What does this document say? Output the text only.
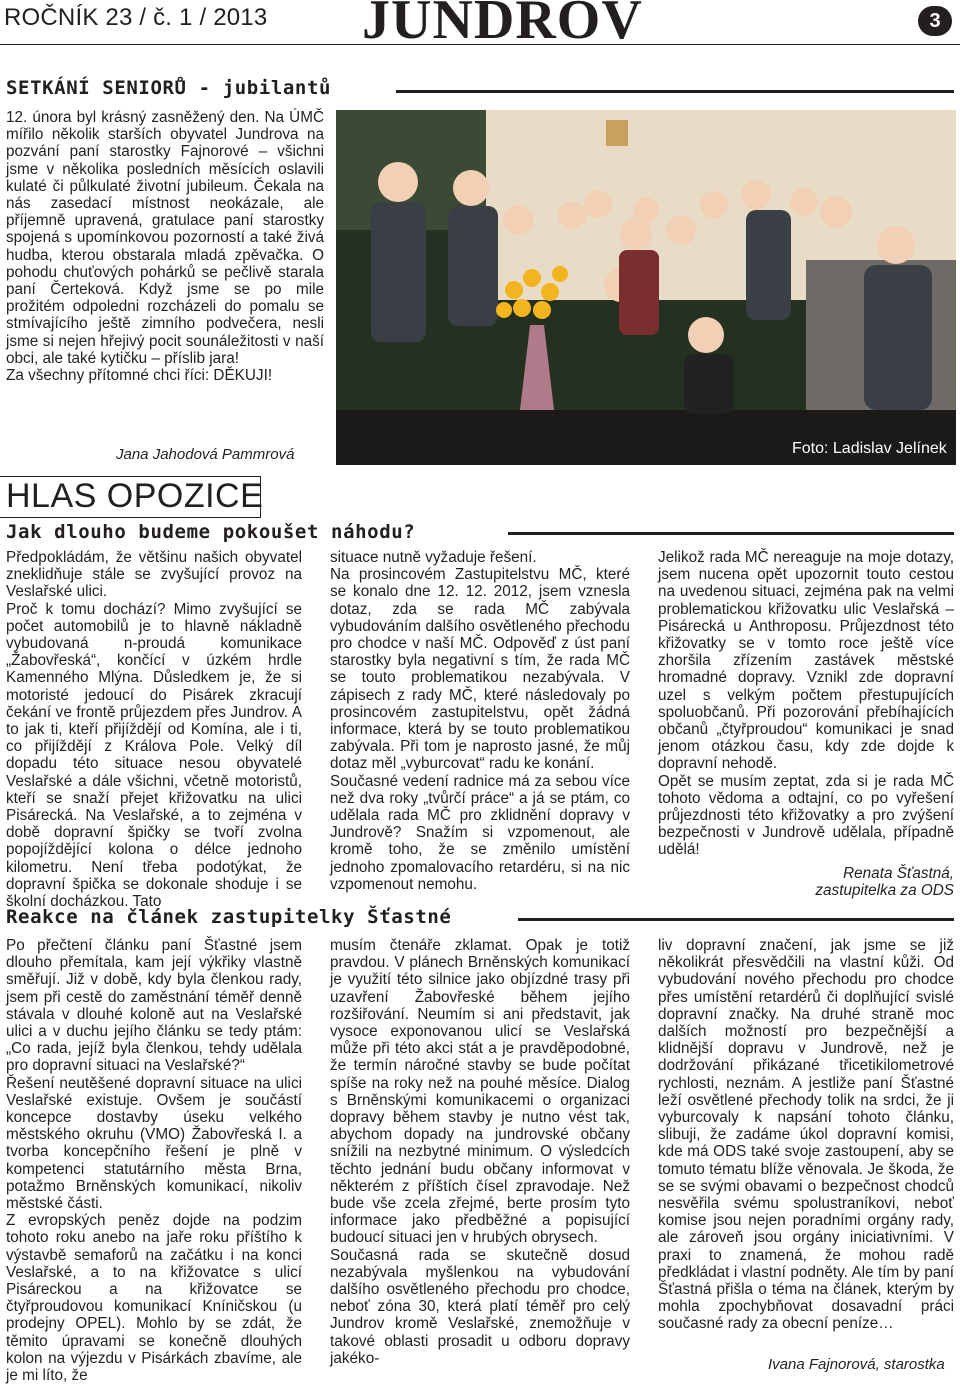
ROČNÍK 23 / č. 1 / 2013 JUNDROV	3
SETKÁNÍ SENIORŮ - jubilantů

12. února byl krásný zasněžený den. Na ÚMČ mířilo několik starších obyvatel Jundrova na pozvání paní starostky Fajnorové – všichni jsme v několika posledních měsících oslavili kulaté či půlkulaté životní jubileum. Čekala na nás zasedací místnost neokázale, ale příjemně upravená, gratulace paní starostky spojená s upomínkovou pozorností a také živá hudba, kterou obstarala mladá zpěvačka. O pohodu chuťových pohárků se pečlivě starala paní Čerteková. Když jsme se po mile prožitém odpoledni rozcházeli do pomalu se stmívajícího ještě zimního podvečera, nesli jsme si nejen hřejivý pocit sounáležitosti v naší obci, ale také kytičku – příslib jara!

Za všechny přítomné chci říci: DĚKUJI!

Jana Jahodová Pammrová	Foto: Ladislav Jelínek
HLAS OPOZICE
Jak dlouho budeme pokoušet náhodu?

Předpokládám, že většinu našich obyvatel zneklidňuje stále se zvyšující provoz na Veslařské ulici.

Proč k tomu dochází? Mimo zvyšující se počet automobilů je to hlavně nákladně vybudovaná n-proudá komunikace „Žabovřeská“, končící v úzkém hrdle Kamenného Mlýna. Důsledkem je, že si motoristé jedoucí do Pisárek zkracují čekání ve frontě průjezdem přes Jundrov. A to jak ti, kteří přijíždějí od Komína, ale i ti, co přijíždějí z Králova Pole. Velký díl dopadu této situace nesou obyvatelé Veslařské a dále všichni, včetně motoristů, kteří se snaží přejet křižovatku na ulici Pisárecká. Na Veslařské, a to zejména v době dopravní špičky se tvoří zvolna popojíždějící kolona o délce jednoho kilometru. Není třeba podotýkat, že dopravní špička se dokonale shoduje i se školní docházkou. Tato

situace nutně vyžaduje řešení.

Na prosincovém Zastupitelstvu MČ, které se konalo dne 12. 12. 2012, jsem vznesla dotaz, zda se rada MČ zabývala vybudováním dalšího osvětleného přechodu pro chodce v naší MČ. Odpověď z úst paní starostky byla negativní s tím, že rada MČ se touto problematikou nezabývala. V zápisech z rady MČ, které následovaly po prosincovém zastupitelstvu, opět žádná informace, která by se touto problematikou zabývala. Při tom je naprosto jasné, že můj dotaz měl „vyburcovat“ radu ke konání.

Současné vedení radnice má za sebou více než dva roky „tvůrčí práce“ a já se ptám, co udělala rada MČ pro zklidnění dopravy v Jundrově? Snažím si vzpomenout, ale kromě toho, že se změnilo umístění jednoho zpomalovacího retardéru, si na nic vzpomenout nemohu.

Jelikož rada MČ nereaguje na moje dotazy, jsem nucena opět upozornit touto cestou na uvedenou situaci, zejména pak na velmi problematickou křižovatku ulic Veslařská – Pisárecká u Anthroposu. Průjezdnost této křižovatky se v tomto roce ještě více zhoršila zřízením zastávek městské hromadné dopravy. Vznikl zde dopravní uzel s velkým počtem přestupujících spoluobčanů. Při pozorování přebíhajících občanů „čtyřproudou“ komunikaci je snad jenom otázkou času, kdy zde dojde k dopravní nehodě.

Opět se musím zeptat, zda si je rada MČ tohoto vědoma a odtajní, co po vyřešení průjezdnosti této křižovatky a pro zvýšení bezpečnosti v Jundrově udělala, případně udělá!

Renata Šťastná,

zastupitelka za ODS

Reakce na článek zastupitelky Šťastné

Po přečtení článku paní Šťastné jsem dlouho přemítala, kam její výkřiky vlastně směřují. Již v době, kdy byla členkou rady, jsem při cestě do zaměstnání téměř denně stávala v dlouhé koloně aut na Veslařské ulici a v duchu jejího článku se tedy ptám: „Co rada, jejíž byla členkou, tehdy udělala pro dopravní situaci na Veslařské?“

Řešení neutěšené dopravní situace na ulici Veslařské existuje. Ovšem je součástí koncepce dostavby úseku velkého městského okruhu (VMO) Žabovřeská I. a tvorba koncepčního řešení je plně v kompetenci statutárního města Brna, potažmo Brněnských komunikací, nikoliv městské části.

Z evropských peněz dojde na podzim tohoto roku anebo na jaře roku příštího k výstavbě semaforů na začátku i na konci Veslařské, a to na křižovatce s ulicí Pisáreckou a na křižovatce se čtyřproudovou komunikací Kníničskou (u prodejny OPEL). Mohlo by se zdát, že těmito úpravami se konečně dlouhých kolon na výjezdu v Pisárkách zbavíme, ale je mi líto, že

musím čtenáře zklamat. Opak je totiž pravdou. V plánech Brněnských komunikací je využití této silnice jako objízdné trasy při uzavření Žabovřeské během jejího rozšiřování. Neumím si ani představit, jak vysoce exponovanou ulicí se Veslařská může při této akci stát a je pravděpodobné, že termín náročné stavby se bude počítat spíše na roky než na pouhé měsíce. Dialog s Brněnskými komunikacemi o organizaci dopravy během stavby je nutno vést tak, abychom dopady na jundrovské občany snížili na nezbytné minimum. O výsledcích těchto jednání budu občany informovat v některém z příštích čísel zpravodaje. Než bude vše zcela zřejmé, berte prosím tyto informace jako předběžné a popisující budoucí situaci jen v hrubých obrysech.

Současná rada se skutečně dosud nezabývala myšlenkou na vybudování dalšího osvětleného přechodu pro chodce, neboť zóna 30, která platí téměř pro celý Jundrov kromě Veslařské, znemožňuje v takové oblasti prosadit u odboru dopravy jakéko-

liv dopravní značení, jak jsme se již několikrát přesvědčili na vlastní kůži. Od vybudování nového přechodu pro chodce přes umístění retardérů či doplňující svislé dopravní značky. Na druhé straně moc dalších možností pro bezpečnější a klidnější dopravu v Jundrově, než je dodržování přikázané třicetikilometrové rychlosti, neznám. A jestliže paní Šťastné leží osvětlené přechody tolik na srdci, že ji vyburcovaly k napsání tohoto článku, slibuji, že zadáme úkol dopravní komisi, kde má ODS také svoje zastoupení, aby se tomuto tématu blíže věnovala. Je škoda, že se se svými obavami o bezpečnost chodců nesvěřila svému spolustraníkovi, neboť komise jsou nejen poradními orgány rady, ale zároveň jsou orgány iniciativními. V praxi to znamená, že mohou radě předkládat i vlastní podněty. Ale tím by paní Šťastná přišla o téma na článek, kterým by mohla zpochybňovat dosavadní práci současné rady za obecní peníze…

Ivana Fajnorová, starostka
